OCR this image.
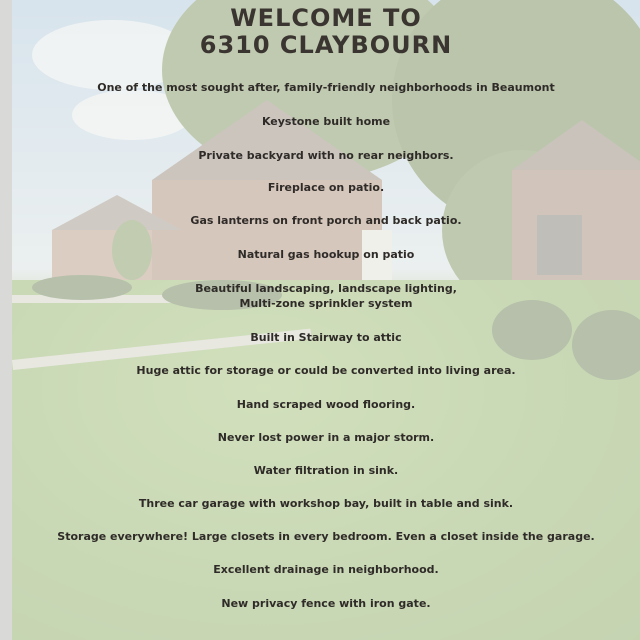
WELCOME TO
6310 CLAYBOURN
One of the most sought after, family-friendly neighborhoods in Beaumont
Keystone built home
Private backyard with no rear neighbors.
Fireplace on patio.
Gas lanterns on front porch and back patio.
Natural gas hookup on patio
Beautiful landscaping, landscape lighting,
Multi-zone sprinkler system
Built in Stairway to attic
Huge attic for storage or could be converted into living area.
Hand scraped wood flooring.
Never lost power in a major storm.
Water filtration in sink.
Three car garage with workshop bay, built in table and sink.
Storage everywhere! Large closets in every bedroom. Even a closet inside the garage.
Excellent drainage in neighborhood.
New privacy fence with iron gate.
